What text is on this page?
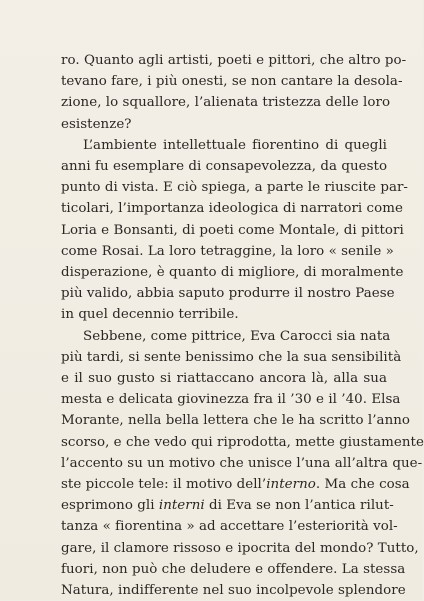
ro. Quanto agli artisti, poeti e pittori, che altro po-
tevano fare, i più onesti, se non cantare la desola-
zione, lo squallore, l’alienata tristezza delle loro
esistenze?
L’ambiente intellettuale fiorentino di quegli
anni fu esemplare di consapevolezza, da questo
punto di vista. E ciò spiega, a parte le riuscite par-
ticolari, l’importanza ideologica di narratori come
Loria e Bonsanti, di poeti come Montale, di pittori
come Rosai. La loro tetraggine, la loro « senile »
disperazione, è quanto di migliore, di moralmente
più valido, abbia saputo produrre il nostro Paese
in quel decennio terribile.
Sebbene, come pittrice, Eva Carocci sia nata
più tardi, si sente benissimo che la sua sensibilità
e il suo gusto si riattaccano ancora là, alla sua
mesta e delicata giovinezza fra il ’30 e il ’40. Elsa
Morante, nella bella lettera che le ha scritto l’anno
scorso, e che vedo qui riprodotta, mette giustamente
l’accento su un motivo che unisce l’una all’altra que-
ste piccole tele: il motivo dell’interno. Ma che cosa
esprimono gli interni di Eva se non l’antica rilut-
tanza « fiorentina » ad accettare l’esteriorità vol-
gare, il clamore rissoso e ipocrita del mondo? Tutto,
fuori, non può che deludere e offendere. La stessa
Natura, indifferente nel suo incolpevole splendore
